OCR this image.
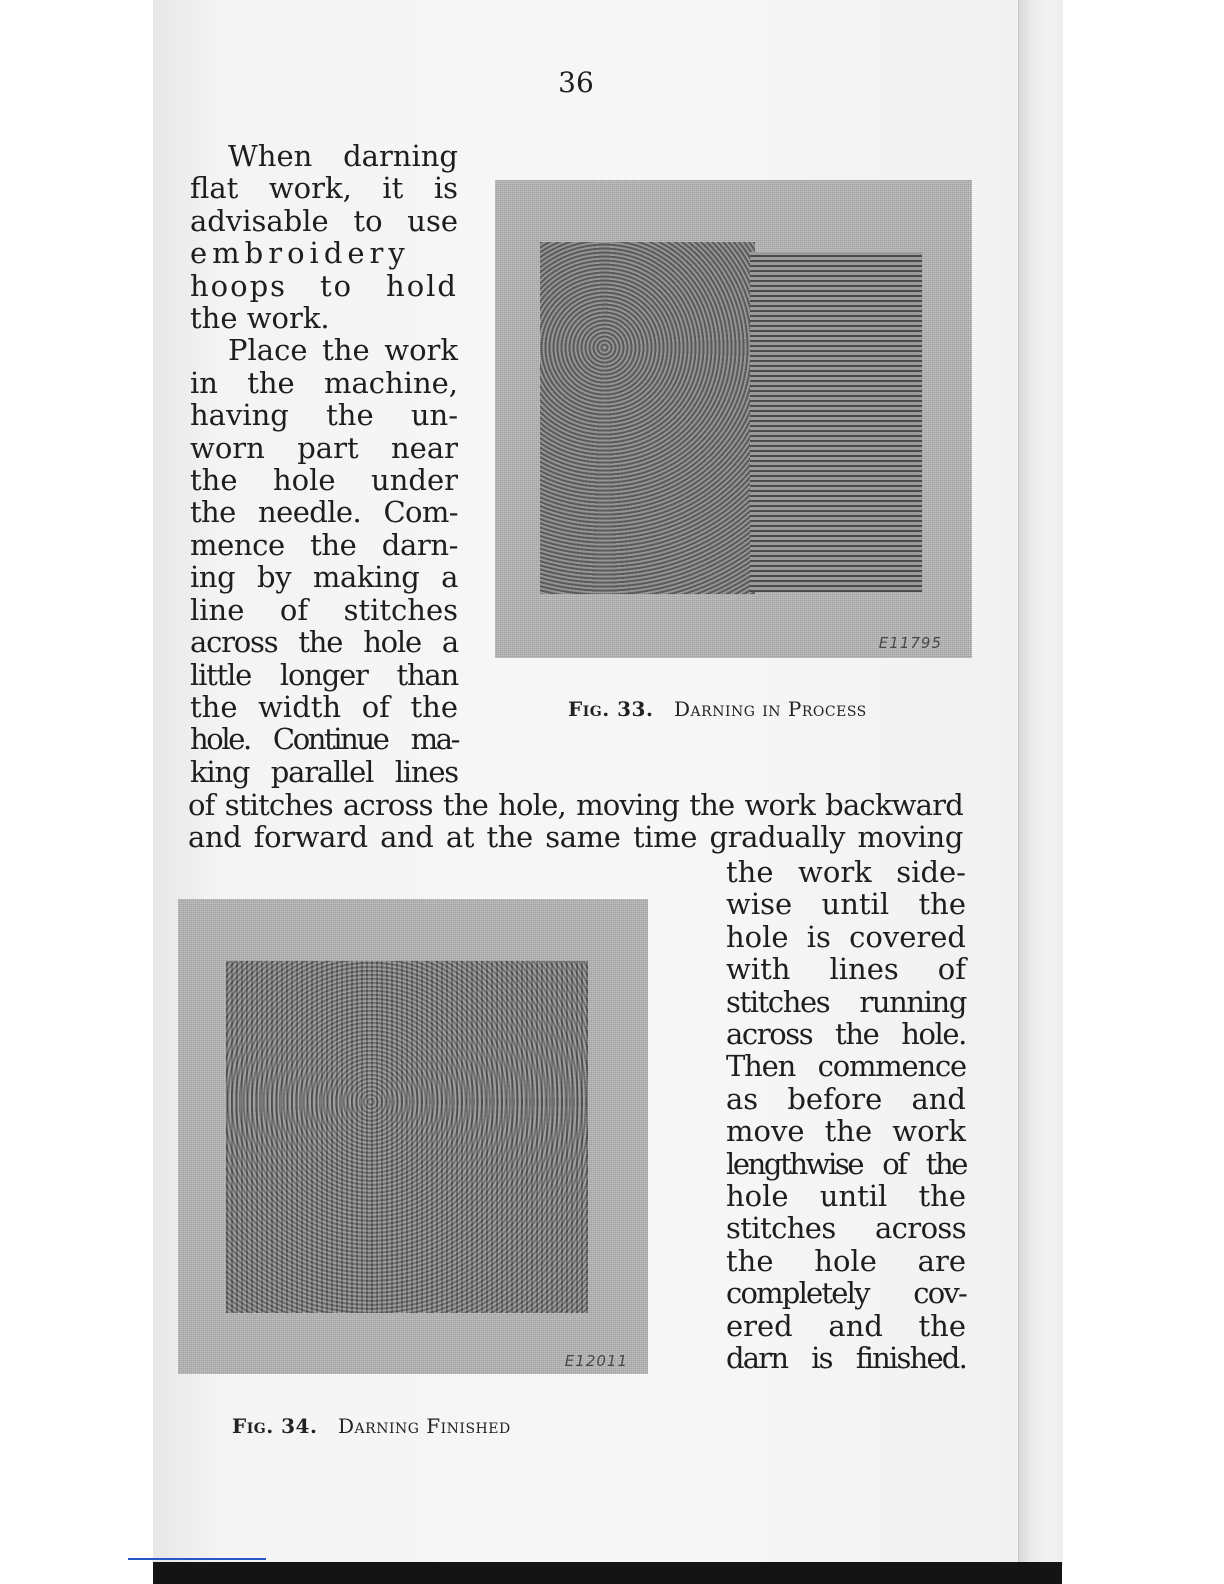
36
When darning
flat work, it is
advisable to use
embroidery
hoops to hold
the work.
Place the work
in the machine,
having the un-
worn part near
the hole under
the needle. Com-
mence the darn-
ing by making a
line of stitches
across the hole a
little longer than
the width of the
hole. Continue ma-
king parallel lines
E11795
Fig. 33. Darning in Process
of stitches across the hole, moving the work backward
and forward and at the same time gradually moving
E12011
Fig. 34. Darning Finished
the work side-
wise until the
hole is covered
with lines of
stitches running
across the hole.
Then commence
as before and
move the work
lengthwise of the
hole until the
stitches across
the hole are
completely cov-
ered and the
darn is finished.
